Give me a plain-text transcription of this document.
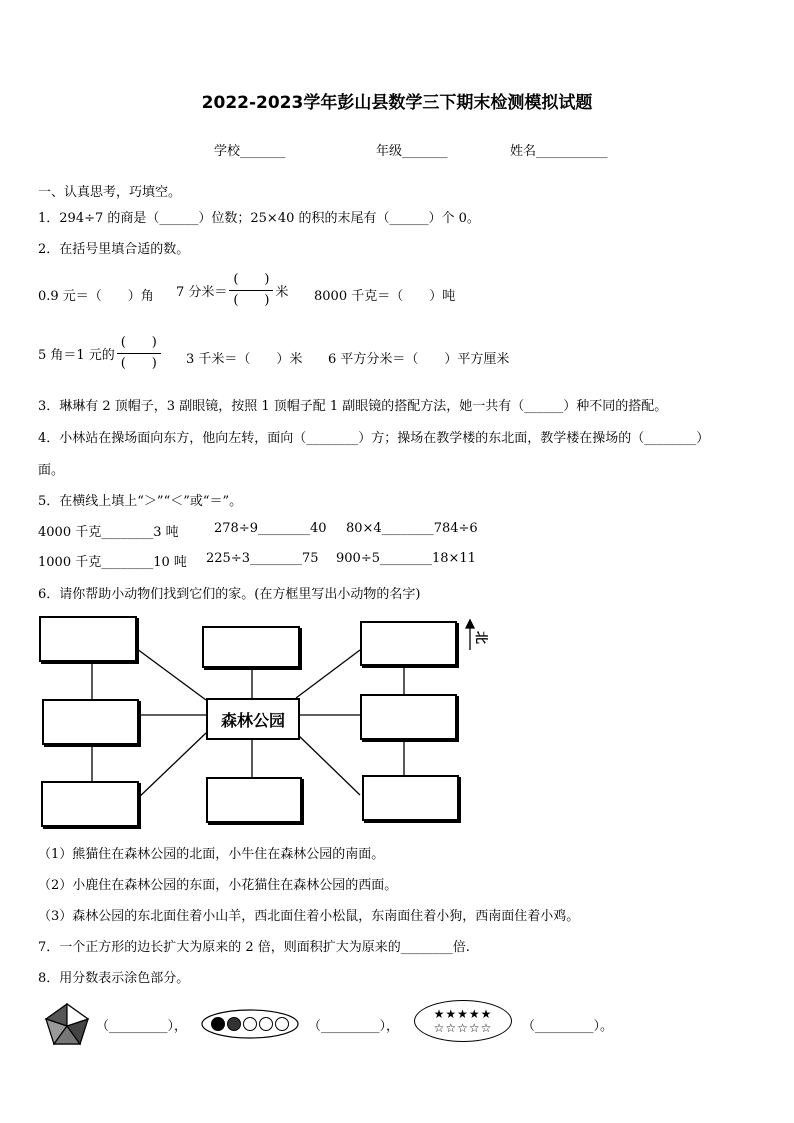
2022-2023学年彭山县数学三下期末检测模拟试题
学校_______	年级_______	姓名___________
一、认真思考，巧填空。
1．294÷7 的商是（______）位数；25×40 的积的末尾有（______）个 0。
2．在括号里填合适的数。
0.9 元＝（　　）角 7 分米＝ $\frac{( )}{( )}$ 米 8000 千克＝（　　）吨
5 角＝1 元的 $\frac{( )}{( )} 3$ 千米＝（　　）米 6 平方分米＝（　　）平方厘米
3．琳琳有 2 顶帽子，3 副眼镜，按照 1 顶帽子配 1 副眼镜的搭配方法，她一共有（______）种不同的搭配。
4．小林站在操场面向东方，他向左转，面向（________）方；操场在教学楼的东北面，教学楼在操场的（________）
面。
5．在横线上填上“＞”“＜”或“＝”。
4000 千克________3 吨	278÷9________40 80×4________784÷6
1000 千克________10 吨 225÷3________75 900÷5________18×11
6．请你帮助小动物们找到它们的家。(在方框里写出小动物的名字)
森林公园
北
（1）熊猫住在森林公园的北面，小牛住在森林公园的南面。
（2）小鹿住在森林公园的东面，小花猫住在森林公园的西面。
（3）森林公园的东北面住着小山羊，西北面住着小松鼠，东南面住着小狗，西南面住着小鸡。
7．一个正方形的边长扩大为原来的 2 倍，则面积扩大为原来的________倍.
8．用分数表示涂色部分。
（_________），	（_________），
★★★★★
☆☆☆☆☆ （_________）。
